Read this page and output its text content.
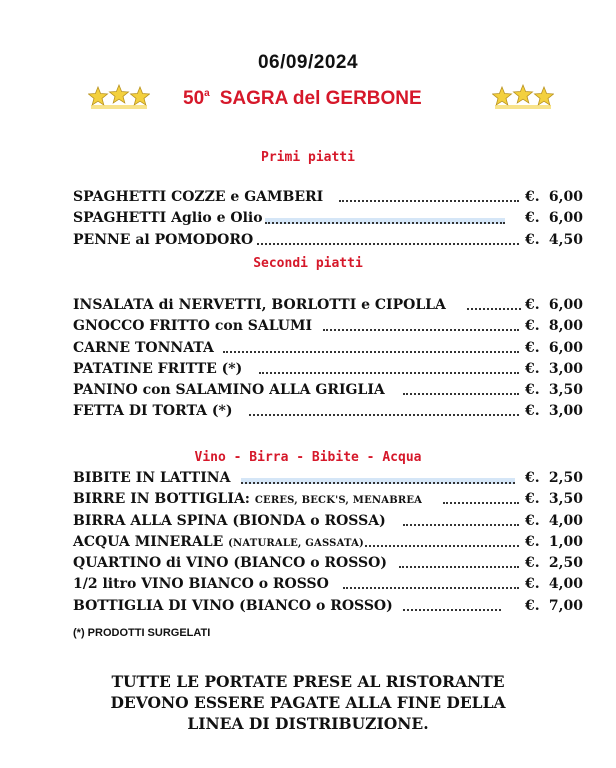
06/09/2024
50$^a$ SAGRA del GERBONE
Primi piatti
SPAGHETTI COZZE e GAMBERI	€. 6,00
SPAGHETTI Aglio e Olio	€. 6,00
PENNE al POMODORO	€. 4,50
Secondi piatti
INSALATA di NERVETTI, BORLOTTI e CIPOLLA	€. 6,00
GNOCCO FRITTO con SALUMI	€. 8,00
CARNE TONNATA	€. 6,00
PATATINE FRITTE (*)	€. 3,00
PANINO con SALAMINO ALLA GRIGLIA	€. 3,50
FETTA DI TORTA (*)	€. 3,00
Vino - Birra - Bibite - Acqua
BIBITE IN LATTINA	€. 2,50
BIRRE IN BOTTIGLIA: CERES, BECK'S, MENABREA	€. 3,50
BIRRA ALLA SPINA (BIONDA o ROSSA)	€. 4,00
ACQUA MINERALE (NATURALE, GASSATA)	€. 1,00
QUARTINO di VINO (BIANCO o ROSSO)	€. 2,50
1/2 litro VINO BIANCO o ROSSO	€. 4,00
BOTTIGLIA DI VINO (BIANCO o ROSSO)	€. 7,00
(*) PRODOTTI SURGELATI
TUTTE LE PORTATE PRESE AL RISTORANTE
DEVONO ESSERE PAGATE ALLA FINE DELLA
LINEA DI DISTRIBUZIONE.
